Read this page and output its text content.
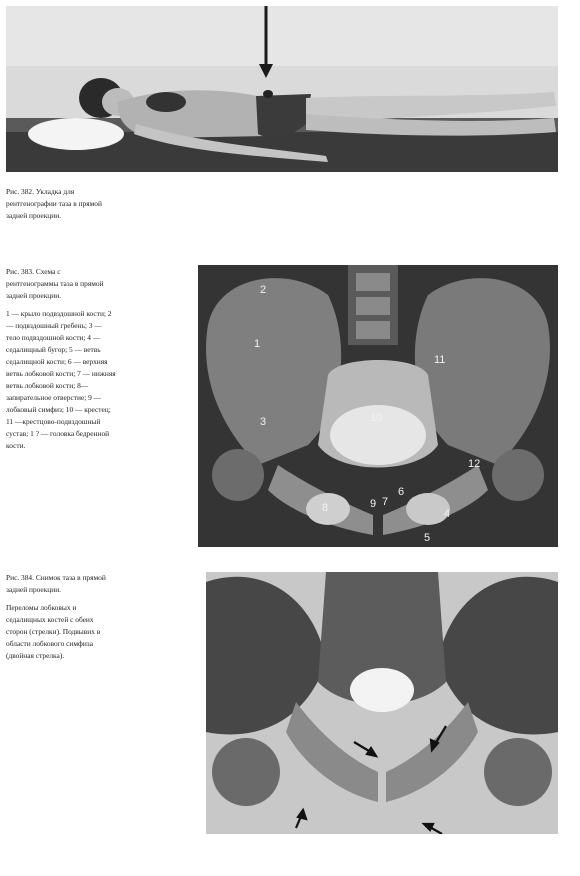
Рис. 382. Укладка для рентгенографии таза в прямой задней проекции.
Рис. 383. Схема с рентгенограммы таза в прямой задней проекции.
1 — крыло подвздошной кости; 2 — подвздошный гребень; 3 — тело подвздошной кости; 4 — седалищный бугор; 5 — ветвь седалищной кости; 6 — верхняя ветвь лобковой кости; 7 — нижняя ветвь лобковой кости; 8— запирательное отверстие; 9 — лобковый симфиз; 10 — крестец; 11 —крестцово-подвздошный сустав; 1 ? — головка бедренной кости.
2
1
3
11
10
12
6
9 7
8	4
5
Рис. 384. Снимок таза в прямой задней проекции.
Переломы лобковых и седалищных костей с обеих сторон (стрелки). Подвывих в области лобкового симфиза (двойная стрелка).
